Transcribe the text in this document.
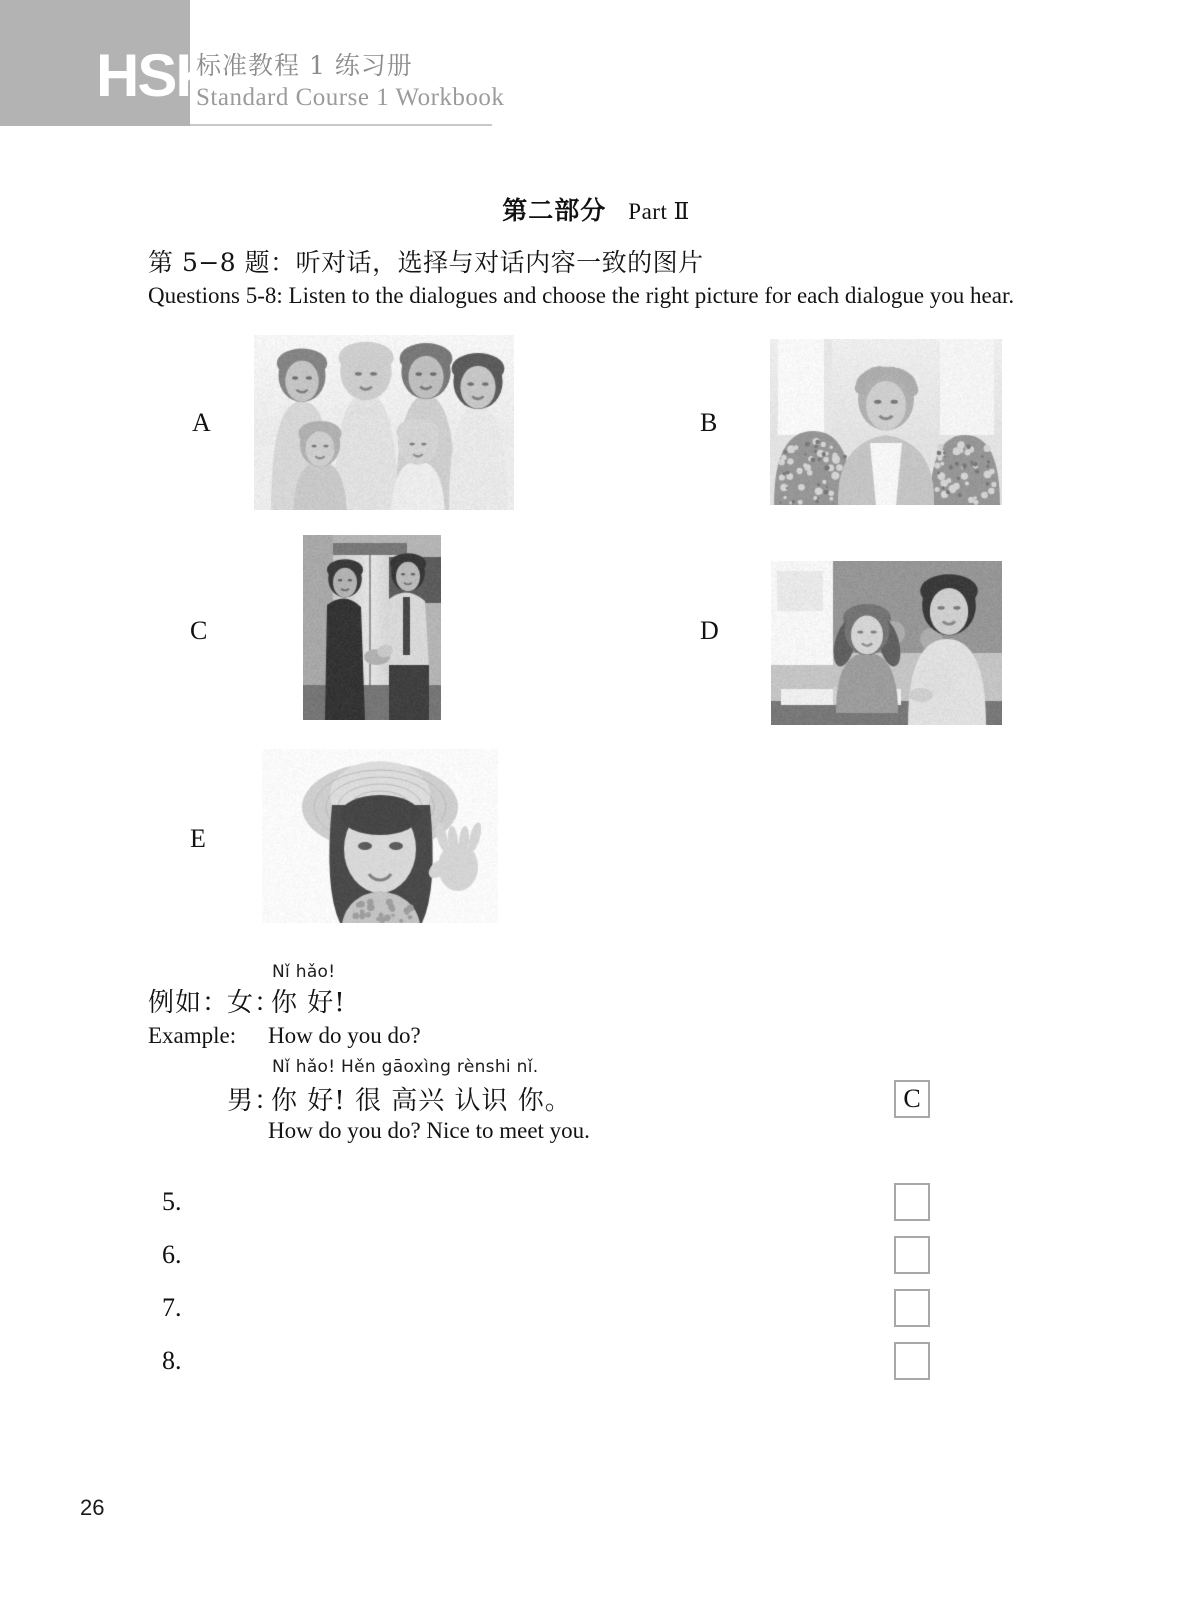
HSK
标准教程 1 练习册
Standard Course 1 Workbook
第二部分 Part Ⅱ
第 5−8 题：听对话，选择与对话内容一致的图片
Questions 5-8: Listen to the dialogues and choose the right picture for each dialogue you hear.
A	B
C	D
E
Nǐ hǎo!
例如：
女：
你 好!
Example: How do you do?
Nǐ hǎo! Hěn gāoxìng rènshi nǐ.
男：
你 好! 很 高兴 认识 你。
How do you do? Nice to meet you.
C
5.
6.
7.
8.
26
